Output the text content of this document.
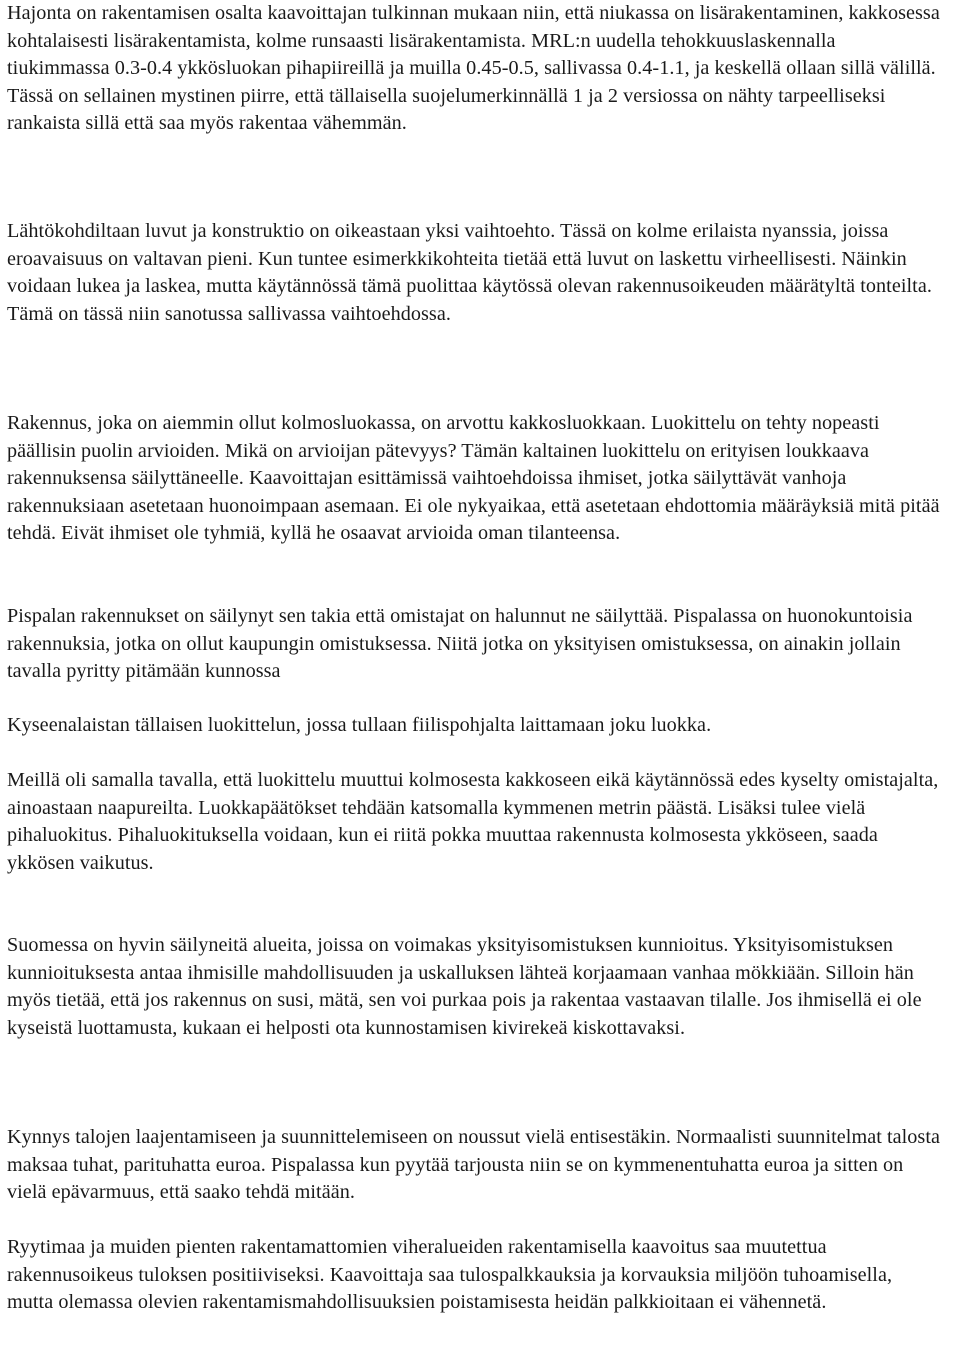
Hajonta on rakentamisen osalta kaavoittajan tulkinnan mukaan niin, että niukassa on lisärakentaminen, kakkosessa kohtalaisesti lisärakentamista, kolme runsaasti lisärakentamista. MRL:n uudella tehokkuuslaskennalla tiukimmassa 0.3-0.4 ykkösluokan pihapiireillä ja muilla 0.45-0.5, sallivassa 0.4-1.1, ja keskellä ollaan sillä välillä. Tässä on sellainen mystinen piirre, että tällaisella suojelumerkinnällä 1 ja 2 versiossa on nähty tarpeelliseksi rankaista sillä että saa myös rakentaa vähemmän.

Lähtökohdiltaan luvut ja konstruktio on oikeastaan yksi vaihtoehto. Tässä on kolme erilaista nyanssia, joissa eroavaisuus on valtavan pieni. Kun tuntee esimerkkikohteita tietää että luvut on laskettu virheellisesti. Näinkin voidaan lukea ja laskea, mutta käytännössä tämä puolittaa käytössä olevan rakennusoikeuden määrätyltä tonteilta. Tämä on tässä niin sanotussa sallivassa vaihtoehdossa.

Rakennus, joka on aiemmin ollut kolmosluokassa, on arvottu kakkosluokkaan. Luokittelu on tehty nopeasti päällisin puolin arvioiden. Mikä on arvioijan pätevyys? Tämän kaltainen luokittelu on erityisen loukkaava rakennuksensa säilyttäneelle. Kaavoittajan esittämissä vaihtoehdoissa ihmiset, jotka säilyttävät vanhoja rakennuksiaan asetetaan huonoimpaan asemaan. Ei ole nykyaikaa, että asetetaan ehdottomia määräyksiä mitä pitää tehdä. Eivät ihmiset ole tyhmiä, kyllä he osaavat arvioida oman tilanteensa.

Pispalan rakennukset on säilynyt sen takia että omistajat on halunnut ne säilyttää. Pispalassa on huonokuntoisia rakennuksia, jotka on ollut kaupungin omistuksessa. Niitä jotka on yksityisen omistuksessa, on ainakin jollain tavalla pyritty pitämään kunnossa

Kyseenalaistan tällaisen luokittelun, jossa tullaan fiilispohjalta laittamaan joku luokka.

Meillä oli samalla tavalla, että luokittelu muuttui kolmosesta kakkoseen eikä käytännössä edes kyselty omistajalta, ainoastaan naapureilta. Luokkapäätökset tehdään katsomalla kymmenen metrin päästä. Lisäksi tulee vielä pihaluokitus. Pihaluokituksella voidaan, kun ei riitä pokka muuttaa rakennusta kolmosesta ykköseen, saada ykkösen vaikutus.

Suomessa on hyvin säilyneitä alueita, joissa on voimakas yksityisomistuksen kunnioitus. Yksityisomistuksen kunnioituksesta antaa ihmisille mahdollisuuden ja uskalluksen lähteä korjaamaan vanhaa mökkiään. Silloin hän myös tietää, että jos rakennus on susi, mätä, sen voi purkaa pois ja rakentaa vastaavan tilalle. Jos ihmisellä ei ole kyseistä luottamusta, kukaan ei helposti ota kunnostamisen kivirekeä kiskottavaksi.

Kynnys talojen laajentamiseen ja suunnittelemiseen on noussut vielä entisestäkin. Normaalisti suunnitelmat talosta maksaa tuhat, parituhatta euroa. Pispalassa kun pyytää tarjousta niin se on kymmenentuhatta euroa ja sitten on vielä epävarmuus, että saako tehdä mitään.

Ryytimaa ja muiden pienten rakentamattomien viheralueiden rakentamisella kaavoitus saa muutettua rakennusoikeus tuloksen positiiviseksi. Kaavoittaja saa tulospalkkauksia ja korvauksia miljöön tuhoamisella, mutta olemassa olevien rakentamismahdollisuuksien poistamisesta heidän palkkioitaan ei vähennetä.
